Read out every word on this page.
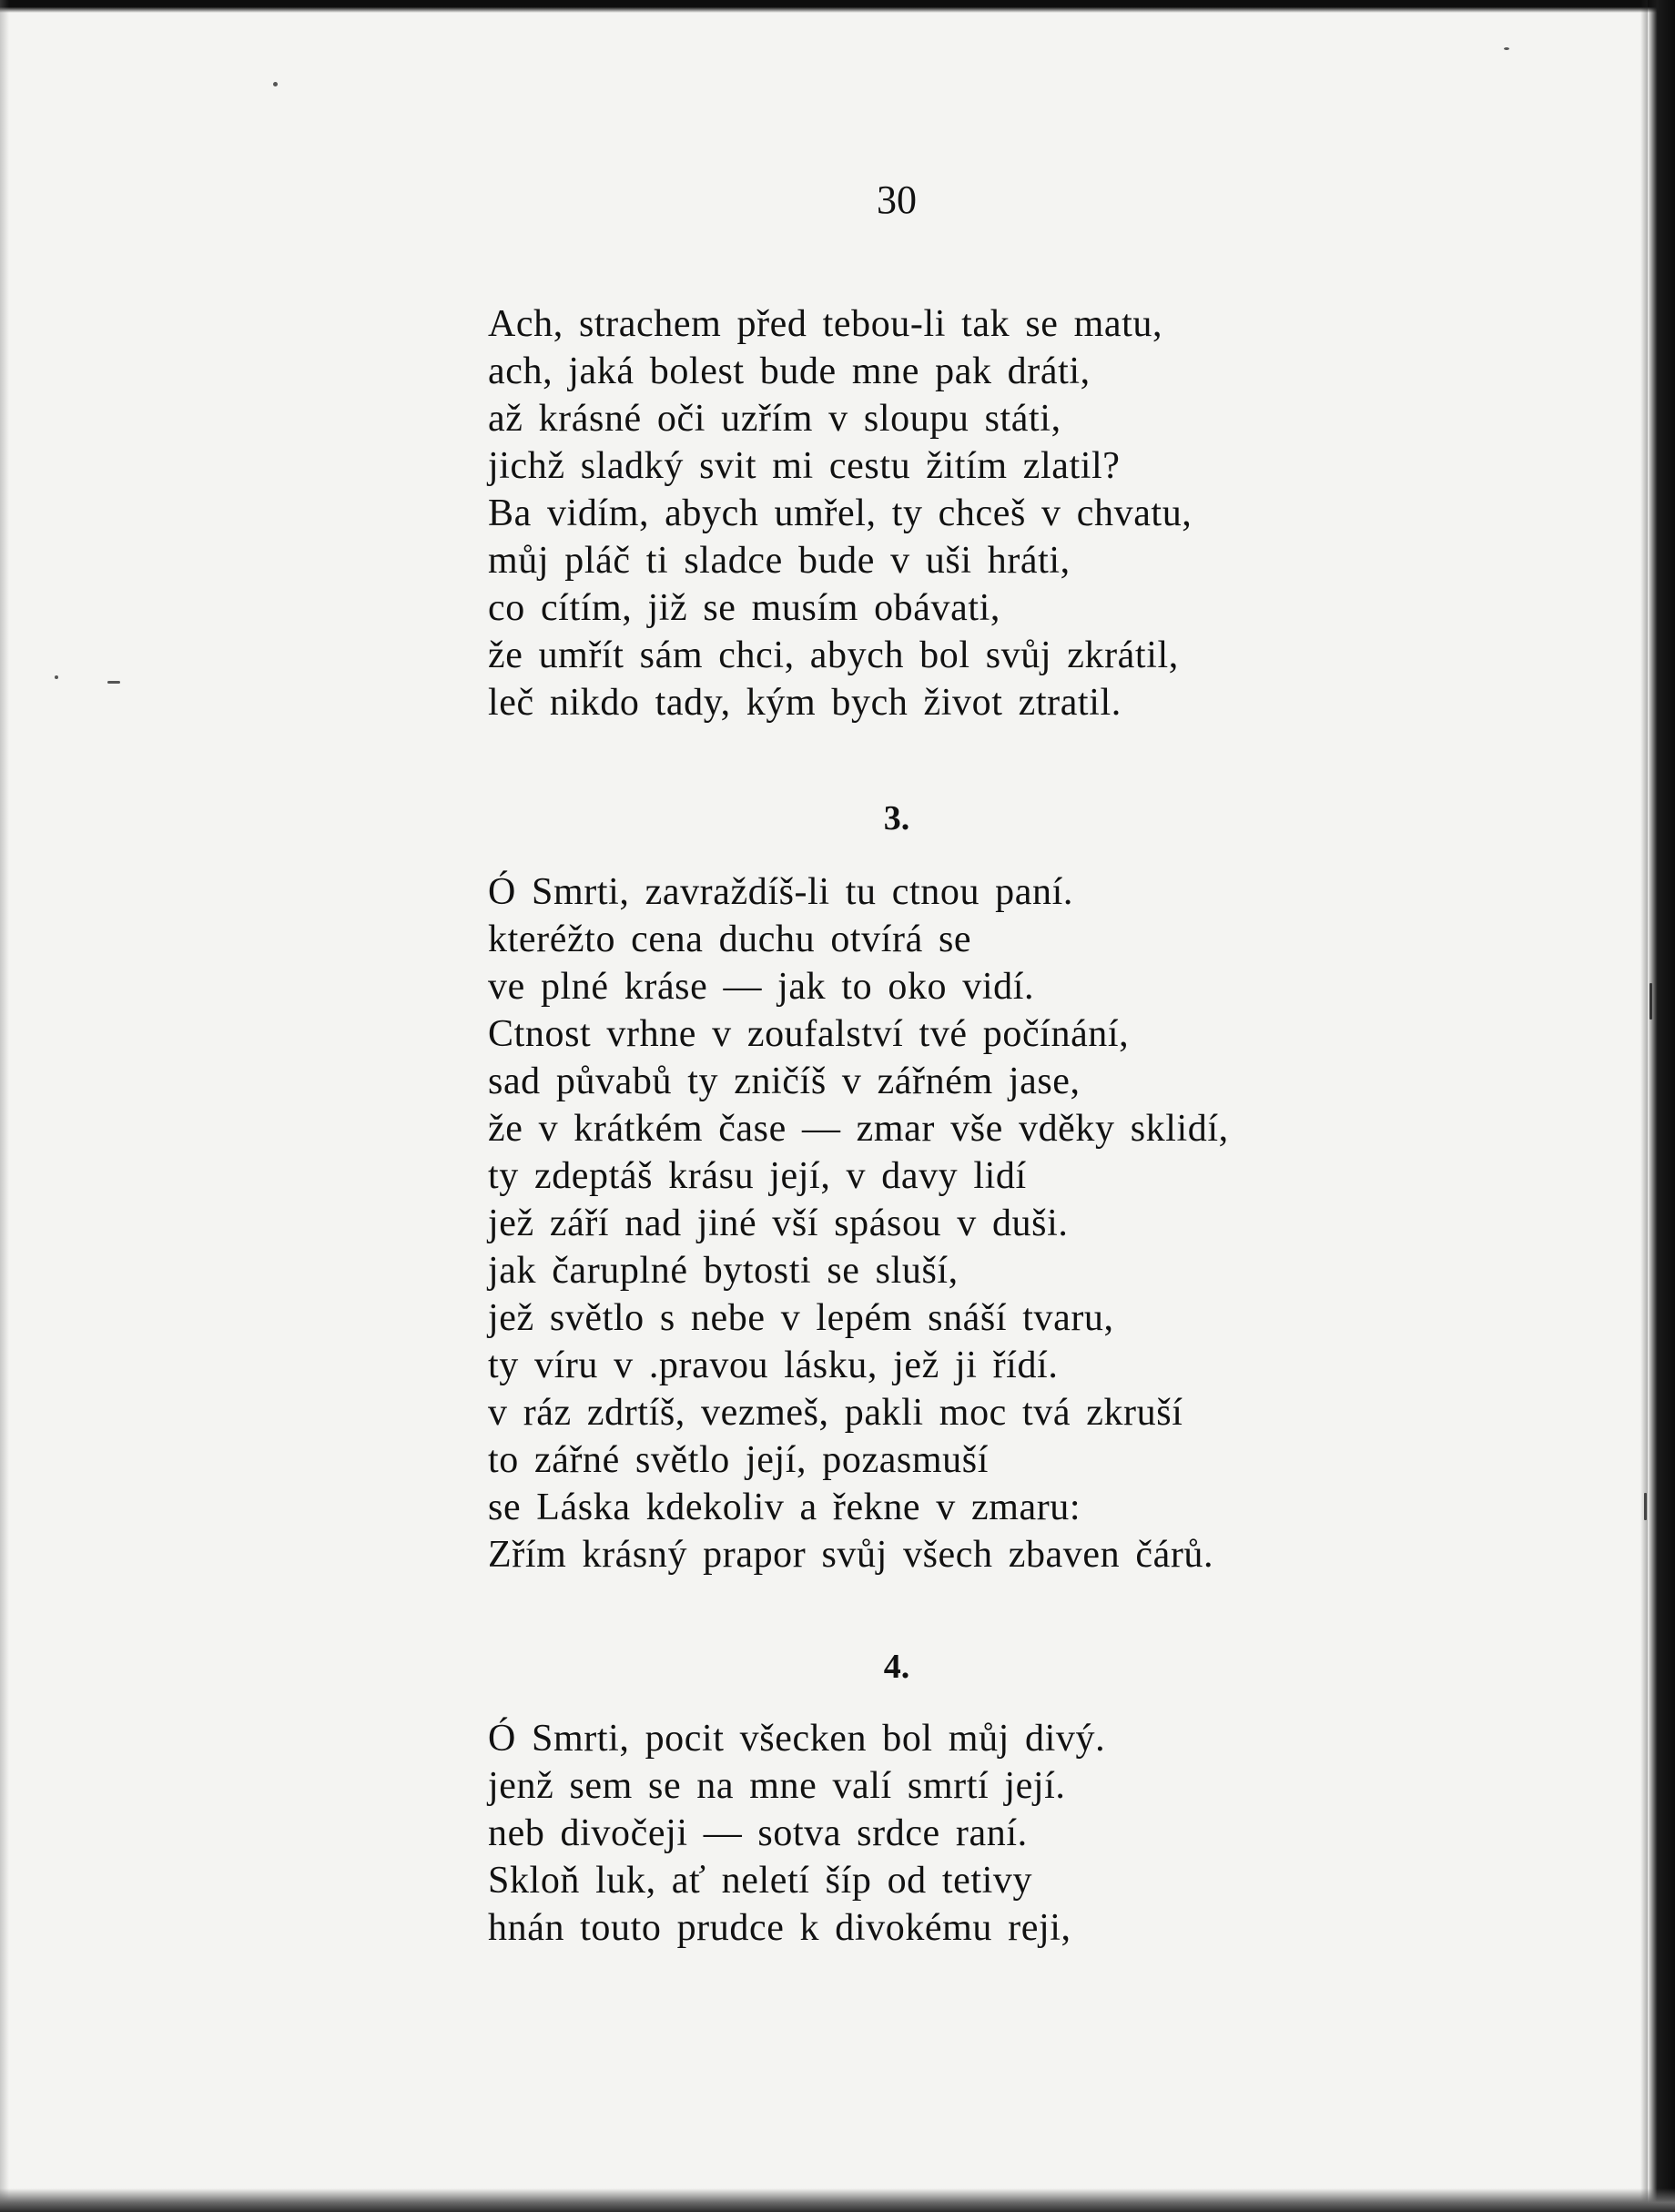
30
Ach, strachem před tebou-li tak se matu,
ach, jaká bolest bude mne pak dráti,
až krásné oči uzřím v sloupu státi,
jichž sladký svit mi cestu žitím zlatil?
Ba vidím, abych umřel, ty chceš v chvatu,
můj pláč ti sladce bude v uši hráti,
co cítím, již se musím obávati,
že umřít sám chci, abych bol svůj zkrátil,
leč nikdo tady, kým bych život ztratil.
3.
Ó Smrti, zavraždíš-li tu ctnou paní.
kteréžto cena duchu otvírá se
ve plné kráse — jak to oko vidí.
Ctnost vrhne v zoufalství tvé počínání,
sad půvabů ty zničíš v zářném jase,
že v krátkém čase — zmar vše vděky sklidí,
ty zdeptáš krásu její, v davy lidí
jež září nad jiné vší spásou v duši.
jak čaruplné bytosti se sluší,
jež světlo s nebe v lepém snáší tvaru,
ty víru v .pravou lásku, jež ji řídí.
v ráz zdrtíš, vezmeš, pakli moc tvá zkruší
to zářné světlo její, pozasmuší
se Láska kdekoliv a řekne v zmaru:
Zřím krásný prapor svůj všech zbaven čárů.
4.
Ó Smrti, pocit všecken bol můj divý.
jenž sem se na mne valí smrtí její.
neb divočeji — sotva srdce raní.
Skloň luk, ať neletí šíp od tetivy
hnán touto prudce k divokému reji,
